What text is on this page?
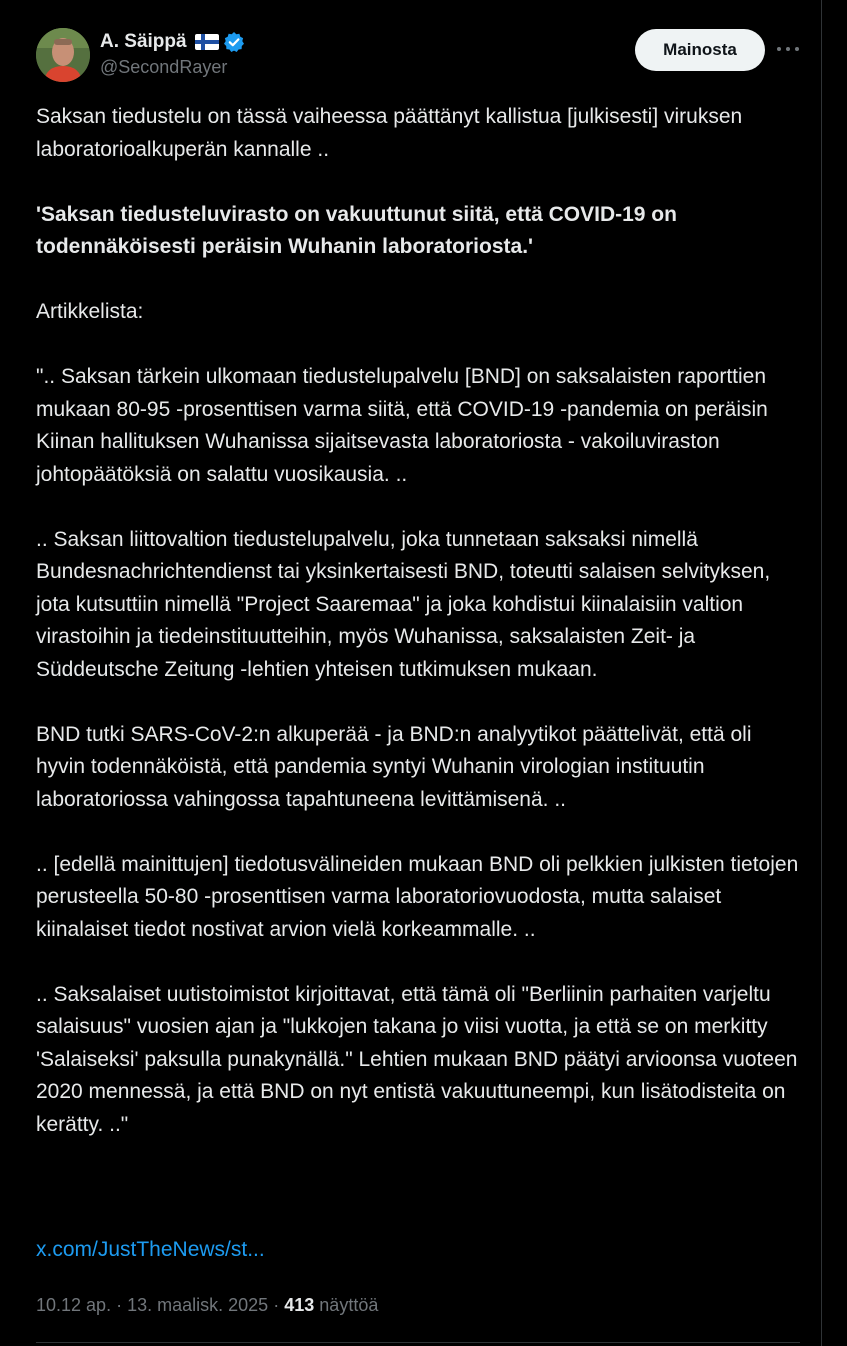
A. Säippä
@SecondRayer
Mainosta

Saksan tiedustelu on tässä vaiheessa päättänyt kallistua [julkisesti] viruksen laboratorioalkuperän kannalle ..

'Saksan tiedusteluvirasto on vakuuttunut siitä, että COVID-19 on todennäköisesti peräisin Wuhanin laboratoriosta.'

Artikkelista:

".. Saksan tärkein ulkomaan tiedustelupalvelu [BND] on saksalaisten raporttien mukaan 80-95 -prosenttisen varma siitä, että COVID-19 -pandemia on peräisin Kiinan hallituksen Wuhanissa sijaitsevasta laboratoriosta - vakoiluviraston johtopäätöksiä on salattu vuosikausia. ..

.. Saksan liittovaltion tiedustelupalvelu, joka tunnetaan saksaksi nimellä Bundesnachrichtendienst tai yksinkertaisesti BND, toteutti salaisen selvityksen, jota kutsuttiin nimellä "Project Saaremaa" ja joka kohdistui kiinalaisiin valtion virastoihin ja tiedeinstituutteihin, myös Wuhanissa, saksalaisten Zeit- ja Süddeutsche Zeitung -lehtien yhteisen tutkimuksen mukaan.

BND tutki SARS-CoV-2:n alkuperää - ja BND:n analyytikot päättelivät, että oli hyvin todennäköistä, että pandemia syntyi Wuhanin virologian instituutin laboratoriossa vahingossa tapahtuneena levittämisenä. ..

.. [edellä mainittujen] tiedotusvälineiden mukaan BND oli pelkkien julkisten tietojen perusteella 50-80 -prosenttisen varma laboratoriovuodosta, mutta salaiset kiinalaiset tiedot nostivat arvion vielä korkeammalle. ..

.. Saksalaiset uutistoimistot kirjoittavat, että tämä oli "Berliinin parhaiten varjeltu salaisuus" vuosien ajan ja "lukkojen takana jo viisi vuotta, ja että se on merkitty 'Salaiseksi' paksulla punakynällä." Lehtien mukaan BND päätyi arvioonsa vuoteen 2020 mennessä, ja että BND on nyt entistä vakuuttuneempi, kun lisätodisteita on kerätty. .."

x.com/JustTheNews/st...
10.12 ap. · 13. maalisk. 2025 · 413 näyttöä
